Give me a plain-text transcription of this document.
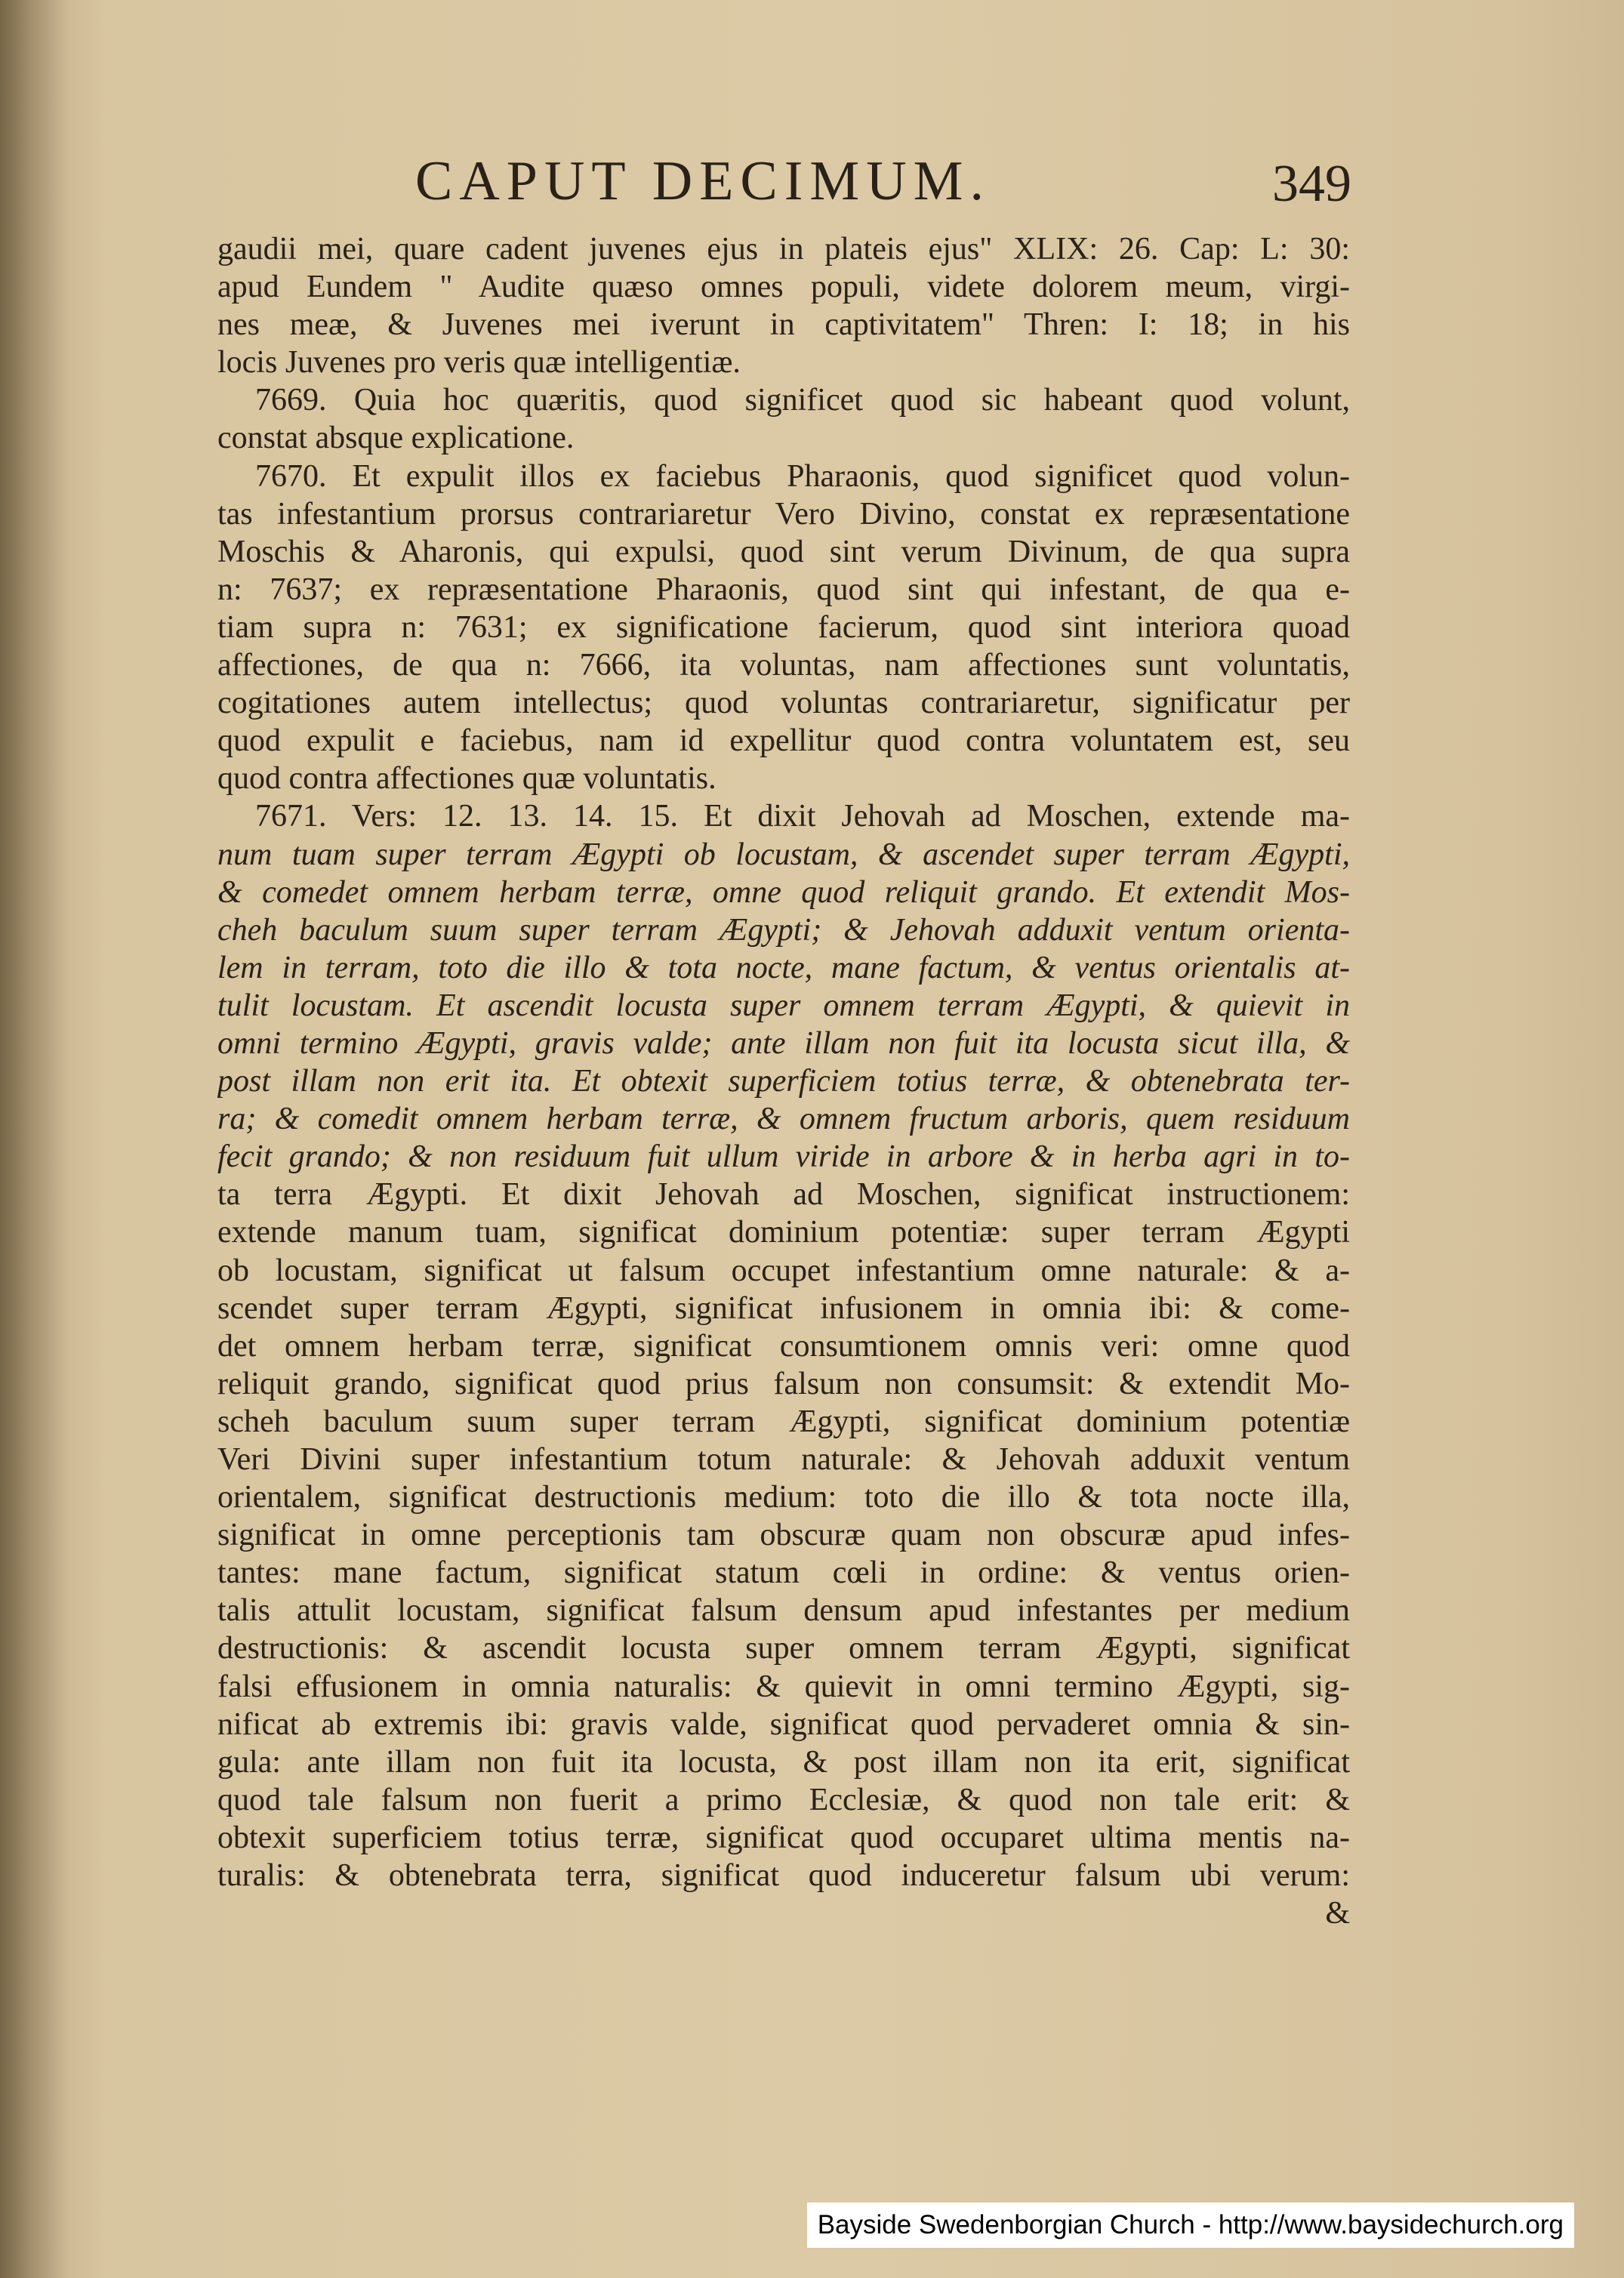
CAPUT DECIMUM.	349
gaudii mei, quare cadent juvenes ejus in plateis ejus" XLIX: 26. Cap: L: 30:
apud Eundem " Audite quæso omnes populi, videte dolorem meum, virgi-
nes meæ, & Juvenes mei iverunt in captivitatem" Thren: I: 18; in his
locis Juvenes pro veris quæ intelligentiæ.
7669. Quia hoc quæritis, quod significet quod sic habeant quod volunt,
constat absque explicatione.
7670. Et expulit illos ex faciebus Pharaonis, quod significet quod volun-
tas infestantium prorsus contrariaretur Vero Divino, constat ex repræsentatione
Moschis & Aharonis, qui expulsi, quod sint verum Divinum, de qua supra
n: 7637; ex repræsentatione Pharaonis, quod sint qui infestant, de qua e-
tiam supra n: 7631; ex significatione facierum, quod sint interiora quoad
affectiones, de qua n: 7666, ita voluntas, nam affectiones sunt voluntatis,
cogitationes autem intellectus; quod voluntas contrariaretur, significatur per
quod expulit e faciebus, nam id expellitur quod contra voluntatem est, seu
quod contra affectiones quæ voluntatis.
7671. Vers: 12. 13. 14. 15. Et dixit Jehovah ad Moschen, extende ma-
num tuam super terram Ægypti ob locustam, & ascendet super terram Ægypti,
& comedet omnem herbam terræ, omne quod reliquit grando. Et extendit Mos-
cheh baculum suum super terram Ægypti; & Jehovah adduxit ventum orienta-
lem in terram, toto die illo & tota nocte, mane factum, & ventus orientalis at-
tulit locustam. Et ascendit locusta super omnem terram Ægypti, & quievit in
omni termino Ægypti, gravis valde; ante illam non fuit ita locusta sicut illa, &
post illam non erit ita. Et obtexit superficiem totius terræ, & obtenebrata ter-
ra; & comedit omnem herbam terræ, & omnem fructum arboris, quem residuum
fecit grando; & non residuum fuit ullum viride in arbore & in herba agri in to-
ta terra Ægypti. Et dixit Jehovah ad Moschen, significat instructionem:
extende manum tuam, significat dominium potentiæ: super terram Ægypti
ob locustam, significat ut falsum occupet infestantium omne naturale: & a-
scendet super terram Ægypti, significat infusionem in omnia ibi: & come-
det omnem herbam terræ, significat consumtionem omnis veri: omne quod
reliquit grando, significat quod prius falsum non consumsit: & extendit Mo-
scheh baculum suum super terram Ægypti, significat dominium potentiæ
Veri Divini super infestantium totum naturale: & Jehovah adduxit ventum
orientalem, significat destructionis medium: toto die illo & tota nocte illa,
significat in omne perceptionis tam obscuræ quam non obscuræ apud infes-
tantes: mane factum, significat statum cœli in ordine: & ventus orien-
talis attulit locustam, significat falsum densum apud infestantes per medium
destructionis: & ascendit locusta super omnem terram Ægypti, significat
falsi effusionem in omnia naturalis: & quievit in omni termino Ægypti, sig-
nificat ab extremis ibi: gravis valde, significat quod pervaderet omnia & sin-
gula: ante illam non fuit ita locusta, & post illam non ita erit, significat
quod tale falsum non fuerit a primo Ecclesiæ, & quod non tale erit: &
obtexit superficiem totius terræ, significat quod occuparet ultima mentis na-
turalis: & obtenebrata terra, significat quod induceretur falsum ubi verum:
&
Bayside Swedenborgian Church - http://www.baysidechurch.org
